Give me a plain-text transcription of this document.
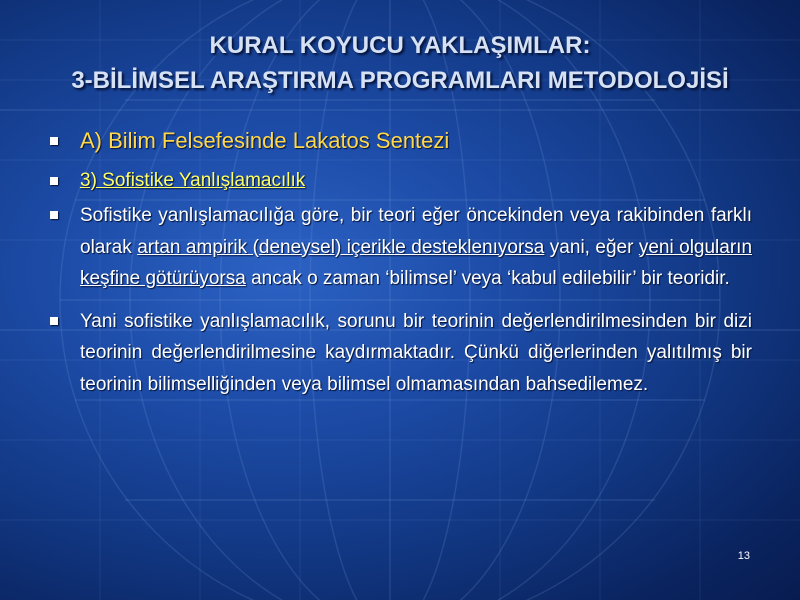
KURAL KOYUCU YAKLAŞIMLAR:
3-BİLİMSEL ARAŞTIRMA PROGRAMLARI METODOLOJİSİ
A) Bilim Felsefesinde Lakatos Sentezi
3) Sofistike Yanlışlamacılık
Sofistike yanlışlamacılığa göre, bir teori eğer öncekinden veya rakibinden farklı olarak artan ampirik (deneysel) içerikle desteklenıyorsa yani, eğer yeni olguların keşfine götürüyorsa ancak o zaman ‘bilimsel’ veya ‘kabul edilebilir’ bir teoridir.
Yani sofistike yanlışlamacılık, sorunu bir teorinin değerlendirilmesinden bir dizi teorinin değerlendirilmesine kaydırmaktadır. Çünkü diğerlerinden yalıtılmış bir teorinin bilimselliğinden veya bilimsel olmamasından bahsedilemez.
13
